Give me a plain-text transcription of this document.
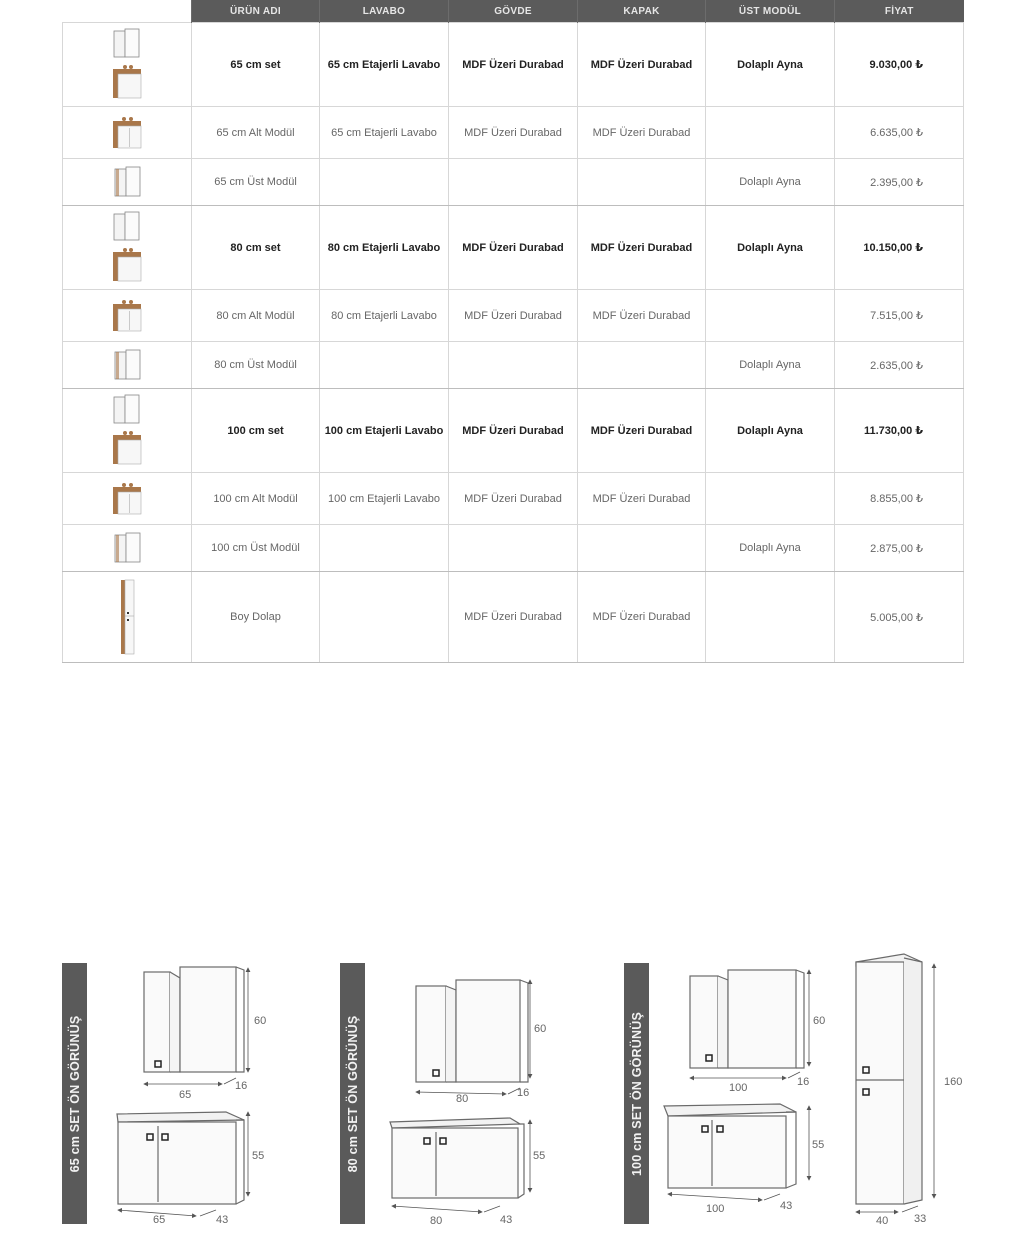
	ÜRÜN ADI	LAVABO	GÖVDE	KAPAK	ÜST MODÜL	FİYAT

	65 cm set	65 cm Etajerli Lavabo	MDF Üzeri Durabad	MDF Üzeri Durabad	Dolaplı Ayna	9.030,00 ₺

	65 cm Alt Modül	65 cm Etajerli Lavabo	MDF Üzeri Durabad	MDF Üzeri Durabad		6.635,00 ₺

	65 cm Üst Modül				Dolaplı Ayna	2.395,00 ₺

	80 cm set	80 cm Etajerli Lavabo	MDF Üzeri Durabad	MDF Üzeri Durabad	Dolaplı Ayna	10.150,00 ₺

	80 cm Alt Modül	80 cm Etajerli Lavabo	MDF Üzeri Durabad	MDF Üzeri Durabad		7.515,00 ₺

	80 cm Üst Modül				Dolaplı Ayna	2.635,00 ₺

	100 cm set	100 cm Etajerli Lavabo	MDF Üzeri Durabad	MDF Üzeri Durabad	Dolaplı Ayna	11.730,00 ₺

	100 cm Alt Modül	100 cm Etajerli Lavabo	MDF Üzeri Durabad	MDF Üzeri Durabad		8.855,00 ₺

	100 cm Üst Modül				Dolaplı Ayna	2.875,00 ₺

	Boy Dolap		MDF Üzeri Durabad	MDF Üzeri Durabad		5.005,00 ₺
65 cm SET ÖN GÖRÜNÜŞ	80 cm SET ÖN GÖRÜNÜŞ	100 cm SET ÖN GÖRÜNÜŞ
60
65
16
55
65	43
60
80	16
55
80	43
60
100	16
55
100	43
160
40 33
